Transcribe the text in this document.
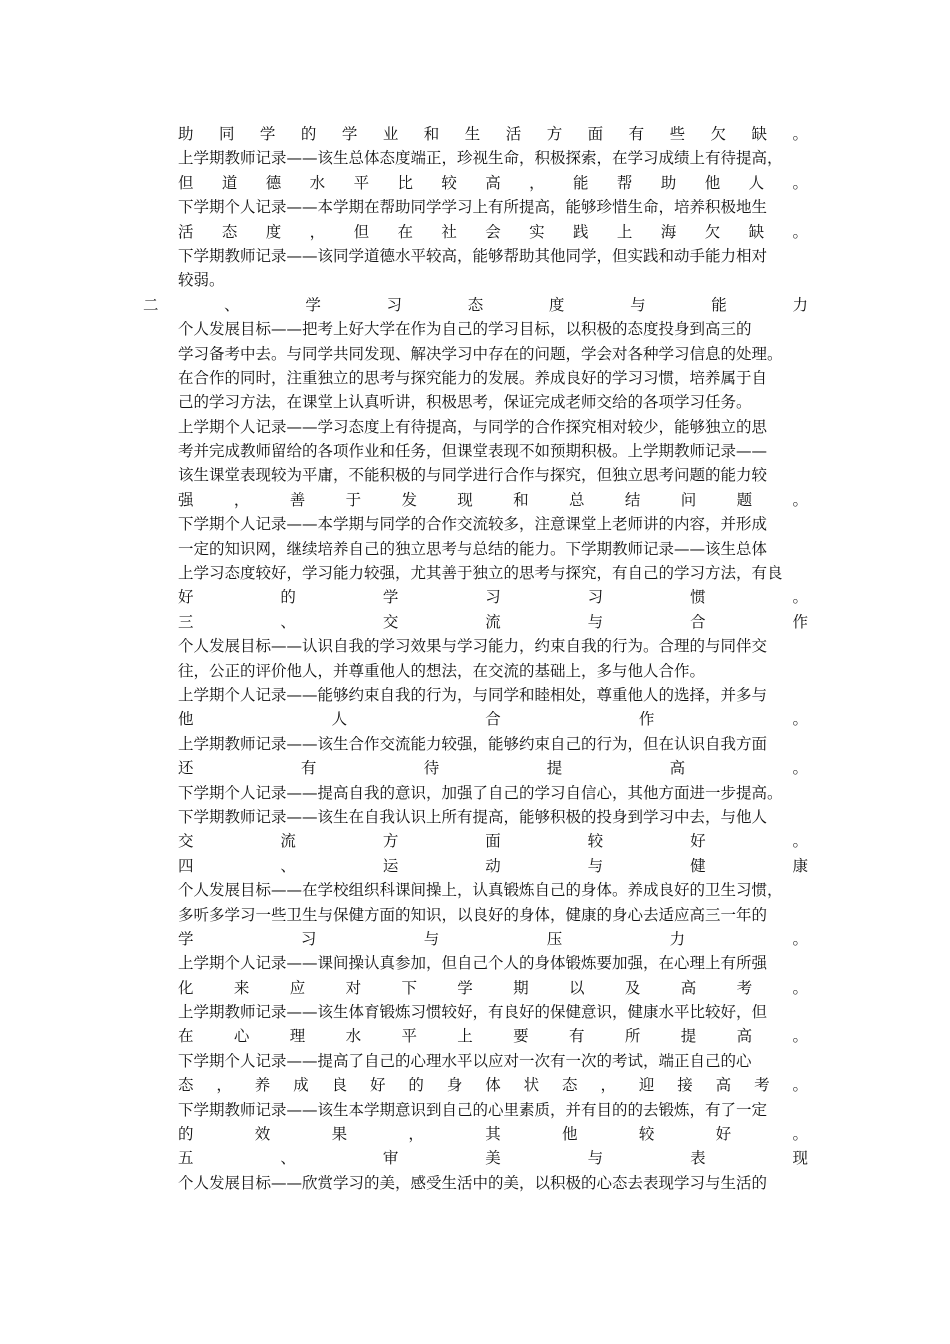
助同学的学业和生活方面有些欠缺。
上学期教师记录——该生总体态度端正，珍视生命，积极探索，在学习成绩上有待提高，
但道德水平比较高，能帮助他人。
下学期个人记录——本学期在帮助同学学习上有所提高，能够珍惜生命，培养积极地生
活态度，但在社会实践上海欠缺。
下学期教师记录——该同学道德水平较高，能够帮助其他同学，但实践和动手能力相对
较弱。
二、学习态度与能力
个人发展目标——把考上好大学在作为自己的学习目标，以积极的态度投身到高三的
学习备考中去。与同学共同发现、解决学习中存在的问题，学会对各种学习信息的处理。
在合作的同时，注重独立的思考与探究能力的发展。养成良好的学习习惯，培养属于自
己的学习方法，在课堂上认真听讲，积极思考，保证完成老师交给的各项学习任务。
上学期个人记录——学习态度上有待提高，与同学的合作探究相对较少，能够独立的思
考并完成教师留给的各项作业和任务，但课堂表现不如预期积极。上学期教师记录——
该生课堂表现较为平庸，不能积极的与同学进行合作与探究，但独立思考问题的能力较
强，善于发现和总结问题。
下学期个人记录——本学期与同学的合作交流较多，注意课堂上老师讲的内容，并形成
一定的知识网，继续培养自己的独立思考与总结的能力。下学期教师记录——该生总体
上学习态度较好，学习能力较强，尤其善于独立的思考与探究，有自己的学习方法，有良
好的学习习惯。
三、交流与合作
个人发展目标——认识自我的学习效果与学习能力，约束自我的行为。合理的与同伴交
往，公正的评价他人，并尊重他人的想法，在交流的基础上，多与他人合作。
上学期个人记录——能够约束自我的行为，与同学和睦相处，尊重他人的选择，并多与
他人合作。
上学期教师记录——该生合作交流能力较强，能够约束自己的行为，但在认识自我方面
还有待提高。
下学期个人记录——提高自我的意识，加强了自己的学习自信心，其他方面进一步提高。
下学期教师记录——该生在自我认识上所有提高，能够积极的投身到学习中去，与他人
交流方面较好。
四、运动与健康
个人发展目标——在学校组织科课间操上，认真锻炼自己的身体。养成良好的卫生习惯，
多听多学习一些卫生与保健方面的知识，以良好的身体，健康的身心去适应高三一年的
学习与压力。
上学期个人记录——课间操认真参加，但自己个人的身体锻炼要加强，在心理上有所强
化来应对下学期以及高考。
上学期教师记录——该生体育锻炼习惯较好，有良好的保健意识，健康水平比较好，但
在心理水平上要有所提高。
下学期个人记录——提高了自己的心理水平以应对一次有一次的考试，端正自己的心
态，养成良好的身体状态，迎接高考。
下学期教师记录——该生本学期意识到自己的心里素质，并有目的的去锻炼，有了一定
的效果，其他较好。
五、审美与表现
个人发展目标——欣赏学习的美，感受生活中的美，以积极的心态去表现学习与生活的
